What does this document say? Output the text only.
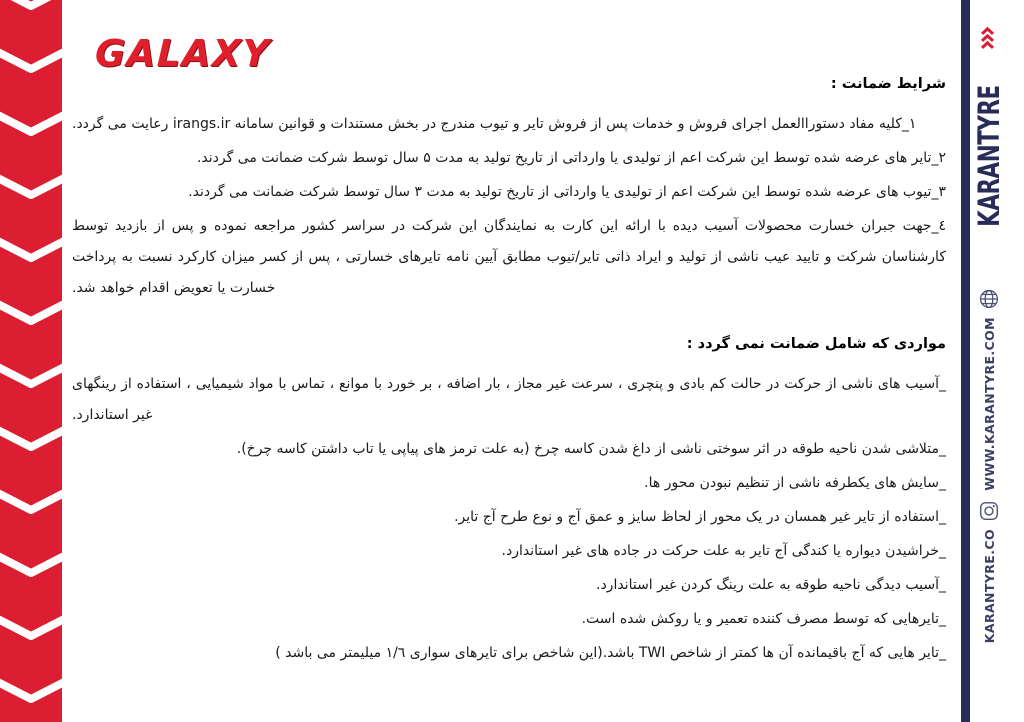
GALAXY
شرایط ضمانت :

۱_کلیه مفاد دستوراالعمل اجرای فروش و خدمات پس از فروش تایر و تیوب مندرج در بخش مستندات و قوانین سامانه irangs.ir رعایت می گردد.

۲_تایر های عرضه شده توسط این شرکت اعم از تولیدی یا وارداتی از تاریخ تولید به مدت ۵ سال توسط شرکت ضمانت می گردند.

۳_تیوب های عرضه شده توسط این شرکت اعم از تولیدی یا وارداتی از تاریخ تولید به مدت ۳ سال توسط شرکت ضمانت می گردند.

٤_جهت جبران خسارت محصولات آسیب دیده با ارائه این کارت به نمایندگان این شرکت در سراسر کشور مراجعه نموده و پس از بازدید توسط کارشناسان شرکت و تایید عیب ناشی از تولید و ایراد ذاتی تایر/تیوب مطابق آیین نامه تایرهای خسارتی ، پس از کسر میزان کارکرد نسبت به پرداخت خسارت یا تعویض اقدام خواهد شد.

مواردی که شامل ضمانت نمی گردد :

_آسیب های ناشی از حرکت در حالت کم بادی و پنچری ، سرعت غیر مجاز ، بار اضافه ، بر خورد با موانع ، تماس با مواد شیمیایی ، استفاده از رینگهای غیر استاندارد.

_متلاشی شدن ناحیه طوقه در اثر سوختی ناشی از داغ شدن کاسه چرخ (به علت ترمز های پیاپی یا تاب داشتن کاسه چرخ).

_سایش های یکطرفه ناشی از تنظیم نبودن محور ها.

_استفاده از تایر غیر همسان در یک محور از لحاظ سایز و عمق آج و نوع طرح آج تایر.

_خراشیدن دیواره یا کندگی آج تایر به علت حرکت در جاده های غیر استاندارد.

_آسیب دیدگی ناحیه طوقه به علت رینگ کردن غیر استاندارد.

_تایرهایی که توسط مصرف کننده تعمیر و یا روکش شده است.

_تایر هایی که آج باقیمانده آن ها کمتر از شاخص TWI باشد.(این شاخص برای تایرهای سواری ۱/٦ میلیمتر می باشد )

KARANTYRE
WWW.KARANTYRE.COM
KARANTYRE.CO
